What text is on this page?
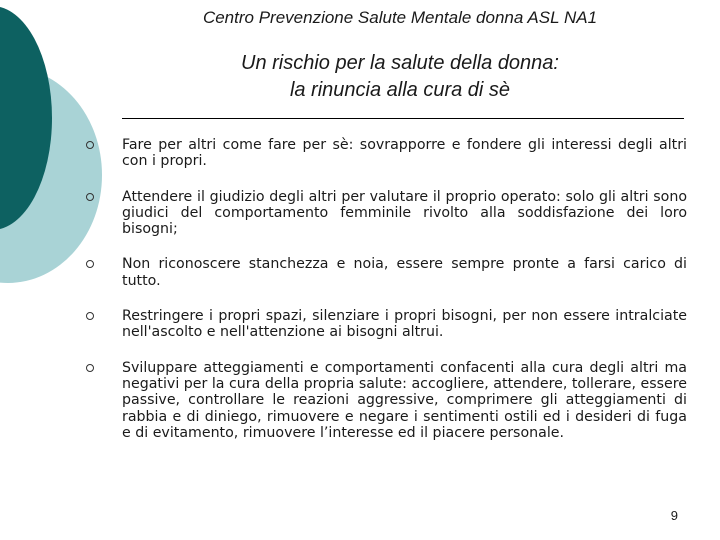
Centro Prevenzione Salute Mentale donna ASL NA1
Un rischio per la salute della donna:
la rinuncia alla cura di sè
Fare per altri come fare per sè: sovrapporre e fondere gli interessi degli altri con i propri.
Attendere il giudizio degli altri per valutare il proprio operato: solo gli altri sono giudici del comportamento femminile rivolto alla soddisfazione dei loro bisogni;
Non riconoscere stanchezza e noia, essere sempre pronte a farsi carico di tutto.
Restringere i propri spazi, silenziare i propri bisogni, per non essere intralciate nell'ascolto e nell'attenzione ai bisogni altrui.
Sviluppare atteggiamenti e comportamenti confacenti alla cura degli altri ma negativi per la cura della propria salute: accogliere, attendere, tollerare, essere passive, controllare le reazioni aggressive, comprimere gli atteggiamenti di rabbia e di diniego, rimuovere e negare i sentimenti ostili ed i desideri di fuga e di evitamento, rimuovere l’interesse ed il piacere personale.
9
